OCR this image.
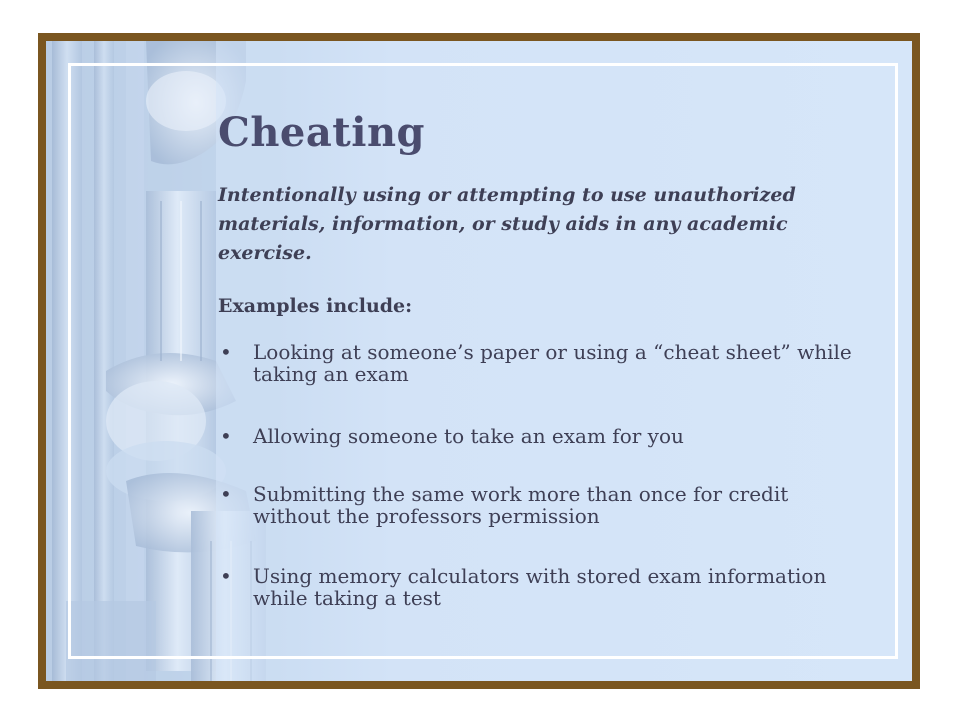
Cheating

Intentionally using or attempting to use unauthorized materials, information, or study aids in any academic exercise.

Examples include:

• Looking at someone’s paper or using a “cheat sheet” while taking an exam
• Allowing someone to take an exam for you
• Submitting the same work more than once for credit without the professors permission
• Using memory calculators with stored exam information while taking a test
